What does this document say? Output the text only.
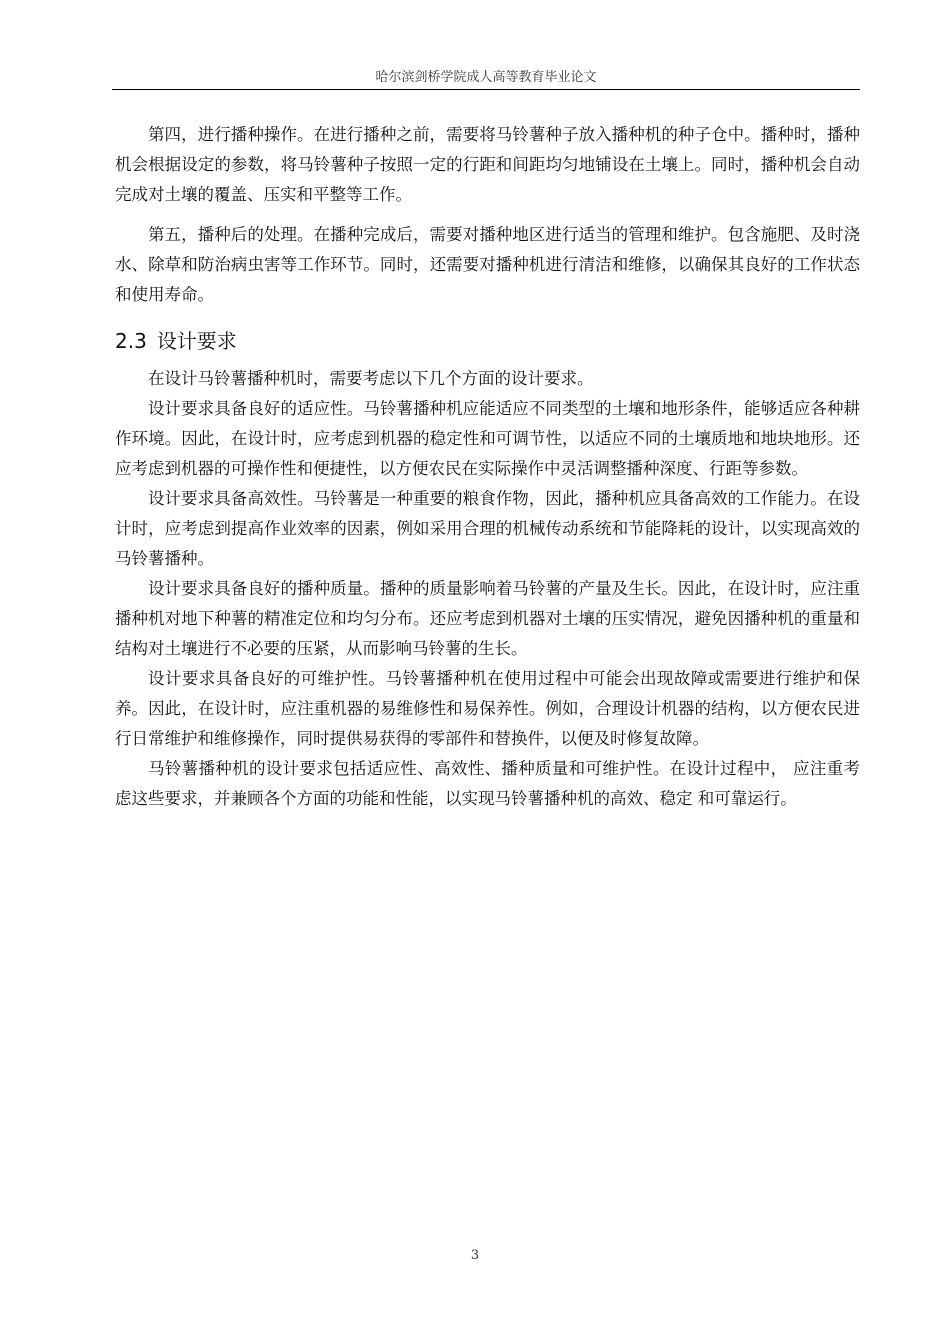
哈尔滨剑桥学院成人高等教育毕业论文

第四，进行播种操作。在进行播种之前，需要将马铃薯种子放入播种机的种子仓中。播种时，播种机会根据设定的参数，将马铃薯种子按照一定的行距和间距均匀地铺设在土壤上。同时，播种机会自动完成对土壤的覆盖、压实和平整等工作。

第五，播种后的处理。在播种完成后，需要对播种地区进行适当的管理和维护。包含施肥、及时浇水、除草和防治病虫害等工作环节。同时，还需要对播种机进行清洁和维修，以确保其良好的工作状态和使用寿命。

2.3 设计要求

在设计马铃薯播种机时，需要考虑以下几个方面的设计要求。

设计要求具备良好的适应性。马铃薯播种机应能适应不同类型的土壤和地形条件，能够适应各种耕作环境。因此，在设计时，应考虑到机器的稳定性和可调节性，以适应不同的土壤质地和地块地形。还应考虑到机器的可操作性和便捷性，以方便农民在实际操作中灵活调整播种深度、行距等参数。

设计要求具备高效性。马铃薯是一种重要的粮食作物，因此，播种机应具备高效的工作能力。在设计时，应考虑到提高作业效率的因素，例如采用合理的机械传动系统和节能降耗的设计，以实现高效的马铃薯播种。

设计要求具备良好的播种质量。播种的质量影响着马铃薯的产量及生长。因此，在设计时，应注重播种机对地下种薯的精准定位和均匀分布。还应考虑到机器对土壤的压实情况，避免因播种机的重量和结构对土壤进行不必要的压紧，从而影响马铃薯的生长。

设计要求具备良好的可维护性。马铃薯播种机在使用过程中可能会出现故障或需要进行维护和保养。因此，在设计时，应注重机器的易维修性和易保养性。例如，合理设计机器的结构，以方便农民进行日常维护和维修操作，同时提供易获得的零部件和替换件，以便及时修复故障。

马铃薯播种机的设计要求包括适应性、高效性、播种质量和可维护性。在设计过程中， 应注重考虑这些要求，并兼顾各个方面的功能和性能，以实现马铃薯播种机的高效、稳定 和可靠运行。

3
